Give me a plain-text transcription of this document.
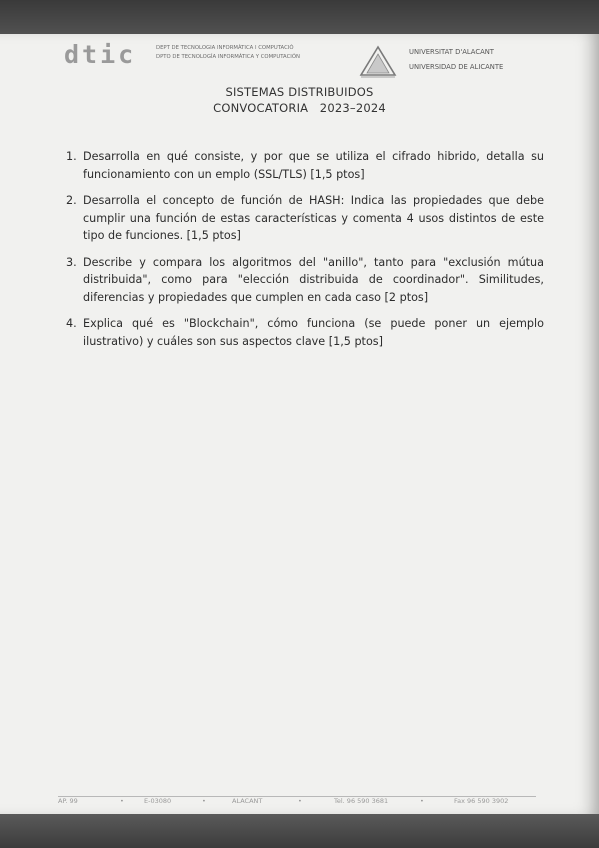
dtic	DEPT DE TECNOLOGIA INFORMÀTICA I COMPUTACIÓ
DPTO DE TECNOLOGÍA INFORMÁTICA Y COMPUTACIÓN
UNIVERSITAT D'ALACANT
UNIVERSIDAD DE ALICANTE
SISTEMAS DISTRIBUIDOS
CONVOCATORIA   2023–2024
1. Desarrolla en qué consiste, y por que se utiliza el cifrado hibrido, detalla su funcionamiento con un emplo (SSL/TLS) [1,5 ptos]
2. Desarrolla el concepto de función de HASH: Indica las propiedades que debe cumplir una función de estas características y comenta 4 usos distintos de este tipo de funciones. [1,5 ptos]
3. Describe y compara los algoritmos del "anillo", tanto para "exclusión mútua distribuida", como para "elección distribuida de coordinador". Similitudes, diferencias y propiedades que cumplen en cada caso [2 ptos]
4. Explica qué es "Blockchain", cómo funciona (se puede poner un ejemplo ilustrativo) y cuáles son sus aspectos clave [1,5 ptos]
AP. 99	•	E-03080	•	ALACANT	•	Tel. 96 590 3681	•	Fax 96 590 3902
